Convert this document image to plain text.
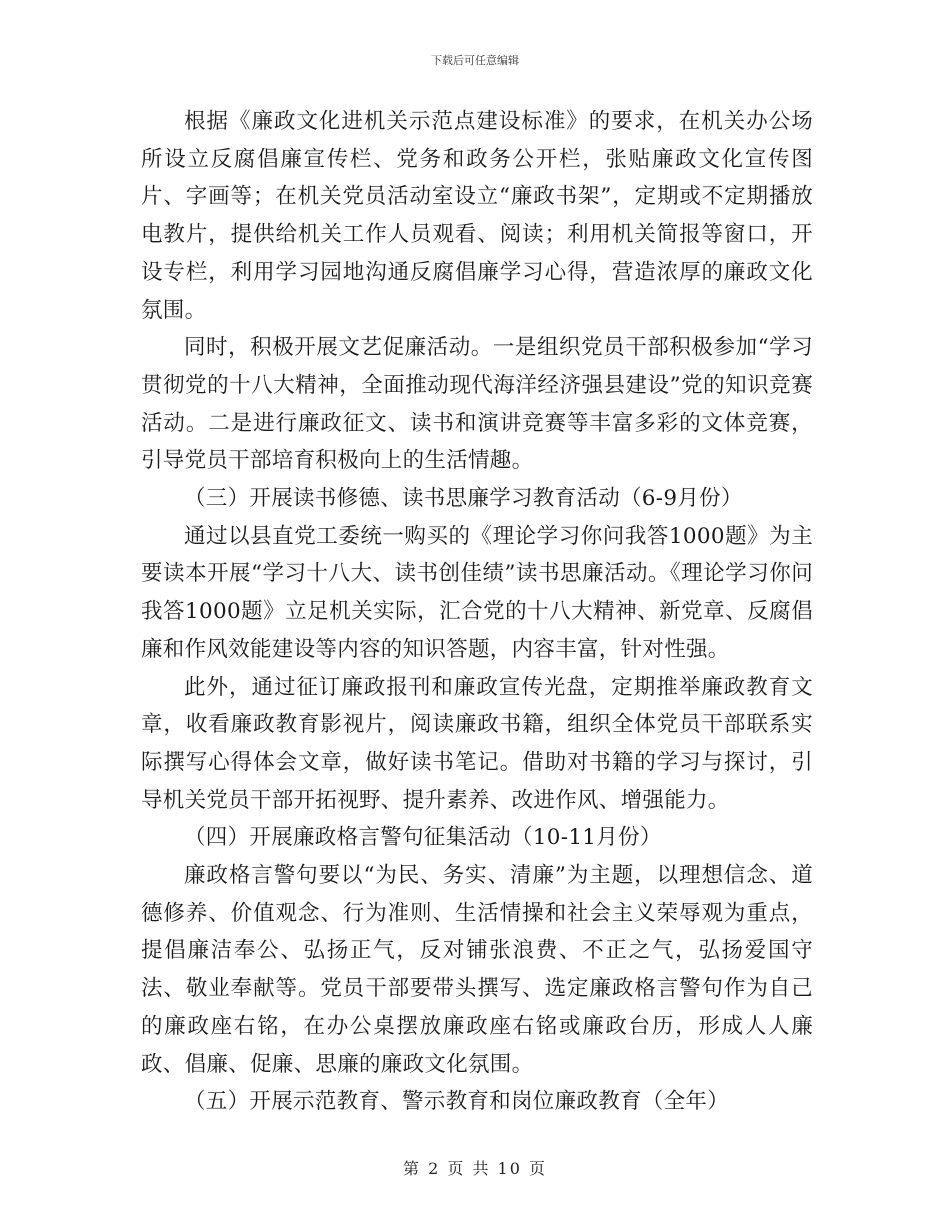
下载后可任意编辑

根据《廉政文化进机关示范点建设标准》的要求，在机关办公场所设立反腐倡廉宣传栏、党务和政务公开栏，张贴廉政文化宣传图片、字画等；在机关党员活动室设立“廉政书架”，定期或不定期播放电教片，提供给机关工作人员观看、阅读；利用机关简报等窗口，开设专栏，利用学习园地沟通反腐倡廉学习心得，营造浓厚的廉政文化氛围。

同时，积极开展文艺促廉活动。一是组织党员干部积极参加“学习贯彻党的十八大精神，全面推动现代海洋经济强县建设”党的知识竞赛活动。二是进行廉政征文、读书和演讲竞赛等丰富多彩的文体竞赛，引导党员干部培育积极向上的生活情趣。

（三）开展读书修德、读书思廉学习教育活动（6-9月份）

通过以县直党工委统一购买的《理论学习你问我答1000题》为主要读本开展“学习十八大、读书创佳绩”读书思廉活动。《理论学习你问我答1000题》立足机关实际，汇合党的十八大精神、新党章、反腐倡廉和作风效能建设等内容的知识答题，内容丰富，针对性强。

此外，通过征订廉政报刊和廉政宣传光盘，定期推举廉政教育文章，收看廉政教育影视片，阅读廉政书籍，组织全体党员干部联系实际撰写心得体会文章，做好读书笔记。借助对书籍的学习与探讨，引导机关党员干部开拓视野、提升素养、改进作风、增强能力。

（四）开展廉政格言警句征集活动（10-11月份）

廉政格言警句要以“为民、务实、清廉”为主题，以理想信念、道德修养、价值观念、行为准则、生活情操和社会主义荣辱观为重点，提倡廉洁奉公、弘扬正气，反对铺张浪费、不正之气，弘扬爱国守法、敬业奉献等。党员干部要带头撰写、选定廉政格言警句作为自己的廉政座右铭，在办公桌摆放廉政座右铭或廉政台历，形成人人廉政、倡廉、促廉、思廉的廉政文化氛围。

（五）开展示范教育、警示教育和岗位廉政教育（全年）

第 2 页 共 10 页
